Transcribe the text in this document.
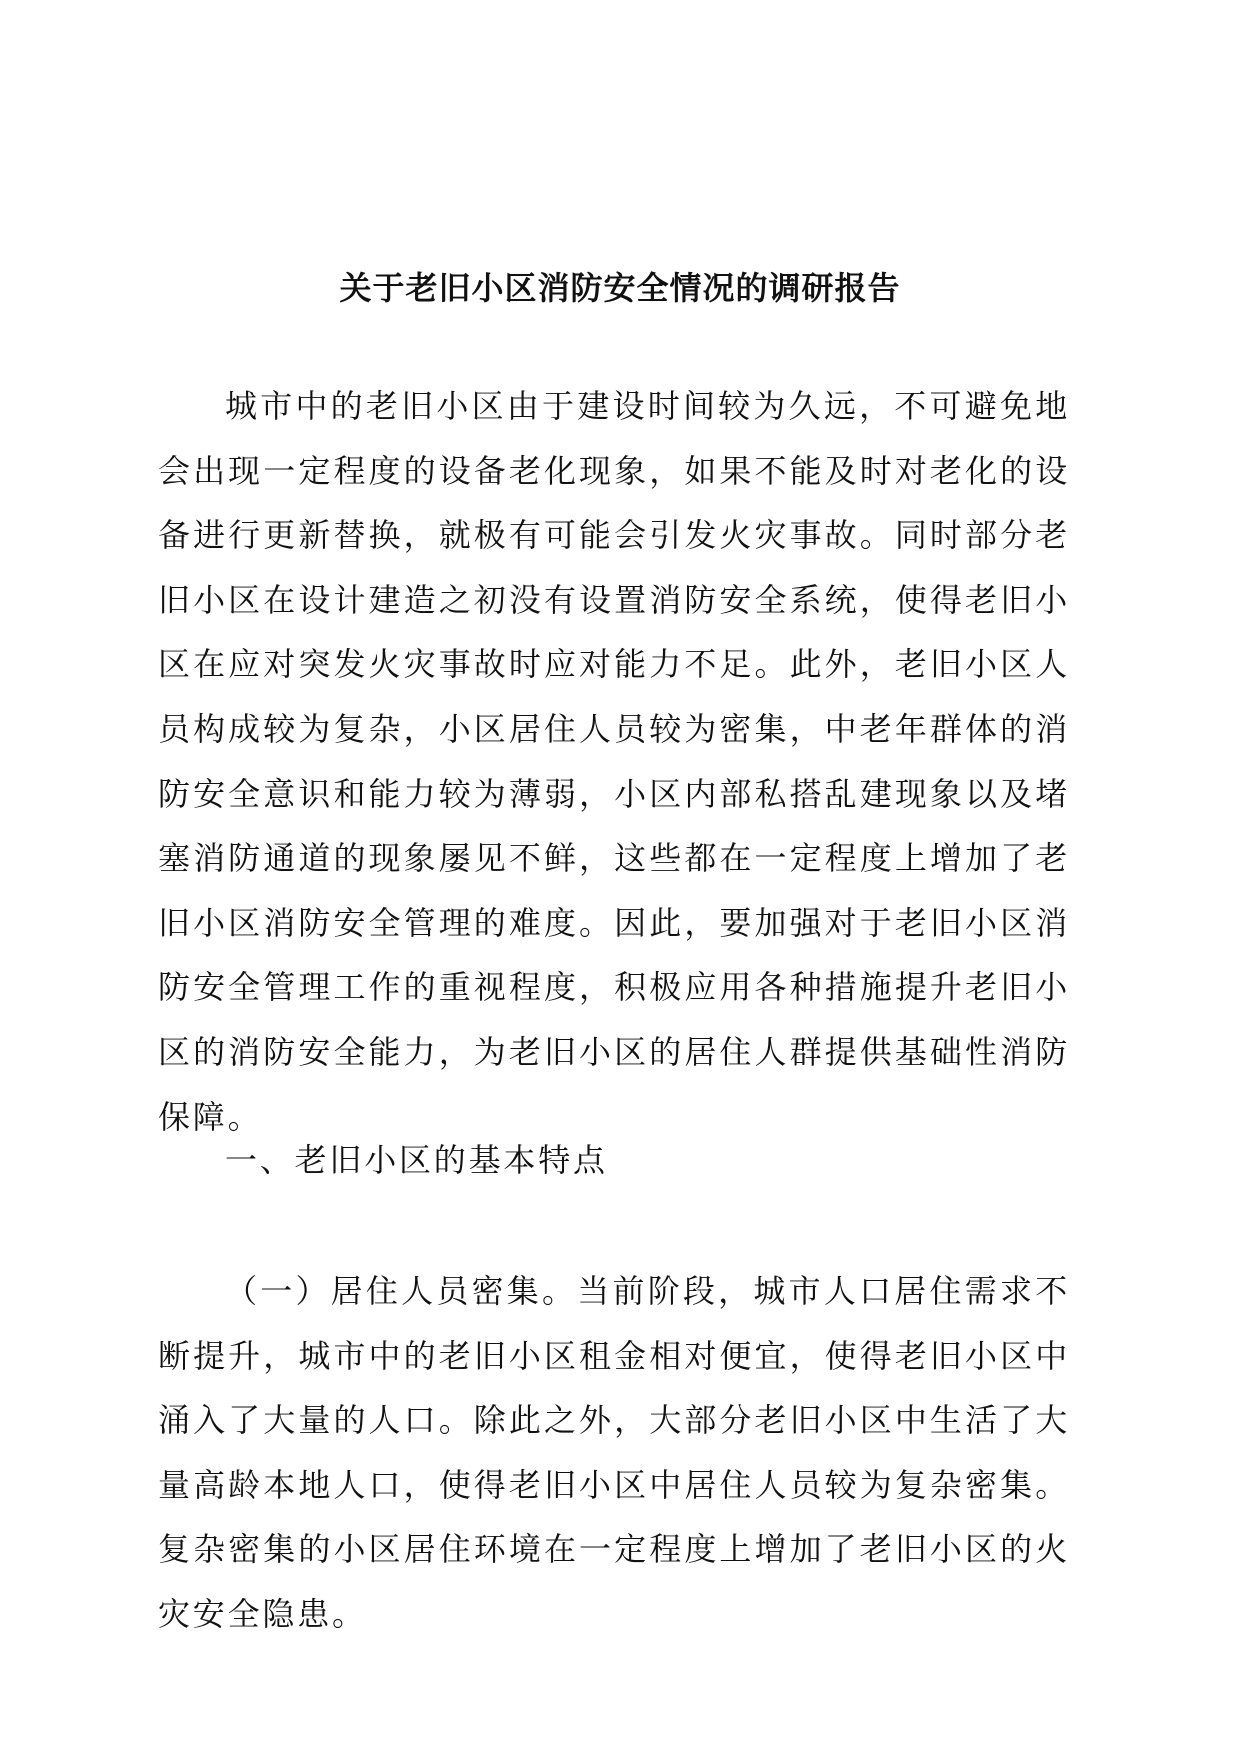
关于老旧小区消防安全情况的调研报告

城市中的老旧小区由于建设时间较为久远，不可避免地会出现一定程度的设备老化现象，如果不能及时对老化的设备进行更新替换，就极有可能会引发火灾事故。同时部分老旧小区在设计建造之初没有设置消防安全系统，使得老旧小区在应对突发火灾事故时应对能力不足。此外，老旧小区人员构成较为复杂，小区居住人员较为密集，中老年群体的消防安全意识和能力较为薄弱，小区内部私搭乱建现象以及堵塞消防通道的现象屡见不鲜，这些都在一定程度上增加了老旧小区消防安全管理的难度。因此，要加强对于老旧小区消防安全管理工作的重视程度，积极应用各种措施提升老旧小区的消防安全能力，为老旧小区的居住人群提供基础性消防保障。

一、老旧小区的基本特点

（一）居住人员密集。当前阶段，城市人口居住需求不断提升，城市中的老旧小区租金相对便宜，使得老旧小区中涌入了大量的人口。除此之外，大部分老旧小区中生活了大量高龄本地人口，使得老旧小区中居住人员较为复杂密集。复杂密集的小区居住环境在一定程度上增加了老旧小区的火灾安全隐患。
